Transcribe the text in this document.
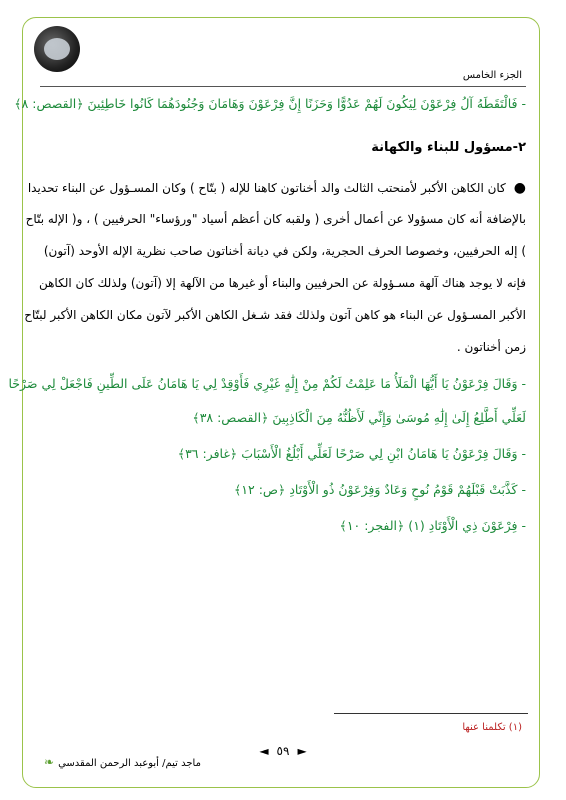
الجزء الخامس
- فَالْتَقَطَهُ آلُ فِرْعَوْنَ لِيَكُونَ لَهُمْ عَدُوًّا وَحَزَنًا إِنَّ فِرْعَوْنَ وَهَامَانَ وَجُنُودَهُمَا كَانُوا خَاطِئِينَ ﴿القصص: ٨﴾
٢-مسؤول للبناء والكهانة
●كان الكاهن الأكبر لأمنحتب الثالث والد أخناتون كاهنا للإله ( بتّاح ) وكان المسـؤول عن البناء تحديدا
بالإضافة أنه كان مسؤولا عن أعمال أخرى ( ولقبه كان أعظم أسياد "ورؤساء" الحرفيين ) ، و( الإله بتّاح
) إله الحرفيين، وخصوصا الحرف الحجرية، ولكن في ديانة أخناتون صاحب نظرية الإله الأوحد (آتون)
فإنه لا يوجد هناك آلهة مسـؤولة عن الحرفيين والبناء أو غيرها من الآلهة إلا (آتون) ولذلك كان الكاهن
الأكبر المسـؤول عن البناء هو كاهن آتون ولذلك فقد شـغل الكاهن الأكبر لآتون مكان الكاهن الأكبر لبتّاح
زمن أخناتون .
- وَقَالَ فِرْعَوْنُ يَا أَيُّهَا الْمَلَأُ مَا عَلِمْتُ لَكُمْ مِنْ إِلَٰهٍ غَيْرِي فَأَوْقِدْ لِي يَا هَامَانُ عَلَى الطِّينِ فَاجْعَلْ لِي صَرْحًا
لَعَلِّي أَطَّلِعُ إِلَىٰ إِلَٰهِ مُوسَىٰ وَإِنِّي لَأَظُنُّهُ مِنَ الْكَاذِبِينَ ﴿القصص: ٣٨﴾
- وَقَالَ فِرْعَوْنُ يَا هَامَانُ ابْنِ لِي صَرْحًا لَعَلِّي أَبْلُغُ الْأَسْبَابَ ﴿غافر: ٣٦﴾
- كَذَّبَتْ قَبْلَهُمْ قَوْمُ نُوحٍ وَعَادٌ وَفِرْعَوْنُ ذُو الْأَوْتَادِ ﴿ص: ١٢﴾
- فِرْعَوْنَ ذِي الْأَوْتَادِ (١) ﴿الفجر: ١٠﴾
(١) تكلمنا عنها
◄ ٥٩ ►
ماجد تيم/ أبوعبد الرحمن المقدسي❧
